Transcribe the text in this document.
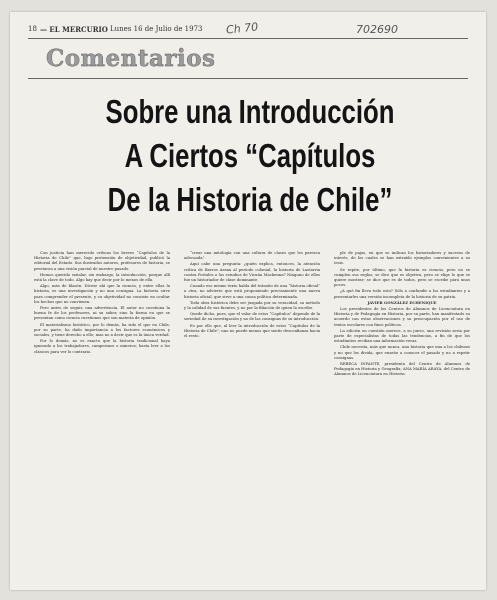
18 — EL MERCURIO Lunes 16 de Julio de 1973 Ch 70	702690
Comentarios
Sobre una Introducción
A Ciertos “Capítulos
De la Historia de Chile”

Con justicia han merecido críticas los breves “Capítulos de la Historia de Chile” que, bajo pretensión de objetividad, publicó la editorial del Estado. Sus ilustrados autores, profesores de historia, se prestaron a una visión parcial de nuestro pasado.

Hemos querido señalar, sin embargo, la introducción, porque allí está la clave de todo. Algo hay que decir por lo menos de ella.

Algo, más de blasón. Dícese ahí que la ciencia, y entre ellas la historia, es una investigación y no una consigna. La historia sirve para comprender el presente, y su objetividad no consiste en ocultar los hechos que no convienen.

Pero antes de seguir, una advertencia. El autor no cuestiona la buena fe de los profesores, ni su saber, sino la forma en que se presentan como ciencia cuestiones que son materia de opinión.

El materialismo histórico, por lo demás, ha sido el que en Chile, por su parte, ha dado importancia a los factores económicos y sociales, y tiene derecho a ello; mas no a decir que es la única verdad.

Por lo demás, no es exacto que la historia tradicional haya ignorado a los trabajadores, campesinos o mineros; basta leer a los clásicos para ver lo contrario.

“crear una mitología con una cultura de clases que les parezca adecuada”.

Aquí cabe una pregunta: ¿quién explica, entonces, la atención crítica de Barros Arana al período colonial, la historia de Lastarria contra Portales o los estudios de Vicuña Mackenna? Ninguno de ellos fue un historiador de clase dominante.

Cuando ese mismo texto habla del tránsito de una “historia oficial” a otra, no advierte que está proponiendo precisamente una nueva historia oficial, que sirve a una causa política determinada.

Toda obra histórica debe ser juzgada por su veracidad, su método y la calidad de sus fuentes, y no por la filiación de quien la escribe.

Quede dicho, pues, que el valor de estos “Capítulos” depende de la seriedad de su investigación y no de las consignas de su introducción.

Es por ello que, al leer la introducción de estos “Capítulos de la Historia de Chile”, uno no puede menos que sentir desconfianza hacia el resto.

ple de pajas, en que se indican los historiadores y sucesos de interés, de los cuales se han extraído ejemplos convenientes a su tesis.

Se repite, por último, que la historia es ciencia, pero no se cumplen sus reglas; se dice que es objetiva, pero se elige lo que se quiere mostrar; se dice que es de todos, pero se escribe para unos pocos.

¿A qué fin lleva todo esto? Sólo a confundir a los estudiantes y a presentarles una versión incompleta de la historia de su patria.

JAVIER GONZÁLEZ ECHENIQUE

Los presidentes de los Centros de Alumnos de Licenciatura en Historia y de Pedagogía en Historia, por su parte, han manifestado su acuerdo con estas observaciones y su preocupación por el uso de textos escolares con fines políticos.

La edición en cuestión merece, a su juicio, una revisión seria por parte de especialistas de todas las tendencias, a fin de que los estudiantes reciban una información veraz.

Chile necesita, más que nunca, una historia que una a los chilenos y no que los divida, que enseñe a conocer el pasado y no a repetir consignas.

REBECA INFANTE, presidenta del Centro de Alumnos de Pedagogía en Historia y Geografía; ANA MARÍA ARAYA, del Centro de Alumnos de Licenciatura en Historia.
